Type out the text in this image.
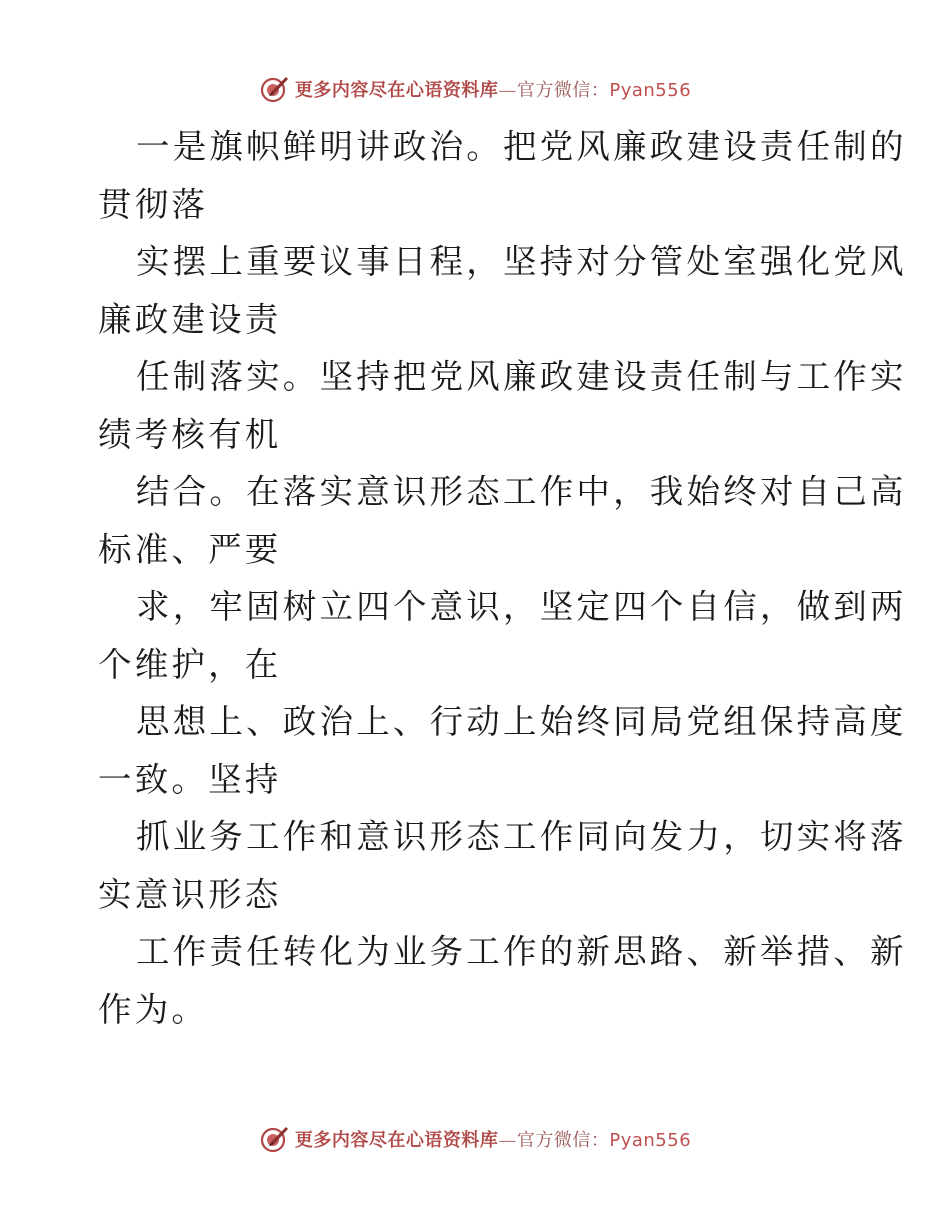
更多内容尽在心语资料库—官方微信：Pyan556

一是旗帜鲜明讲政治。把党风廉政建设责任制的
贯彻落

实摆上重要议事日程，坚持对分管处室强化党风
廉政建设责

任制落实。坚持把党风廉政建设责任制与工作实
绩考核有机

结合。在落实意识形态工作中，我始终对自己高
标准、严要

求，牢固树立四个意识，坚定四个自信，做到两
个维护，在

思想上、政治上、行动上始终同局党组保持高度
一致。坚持

抓业务工作和意识形态工作同向发力，切实将落
实意识形态

工作责任转化为业务工作的新思路、新举措、新
作为。

更多内容尽在心语资料库—官方微信：Pyan556
